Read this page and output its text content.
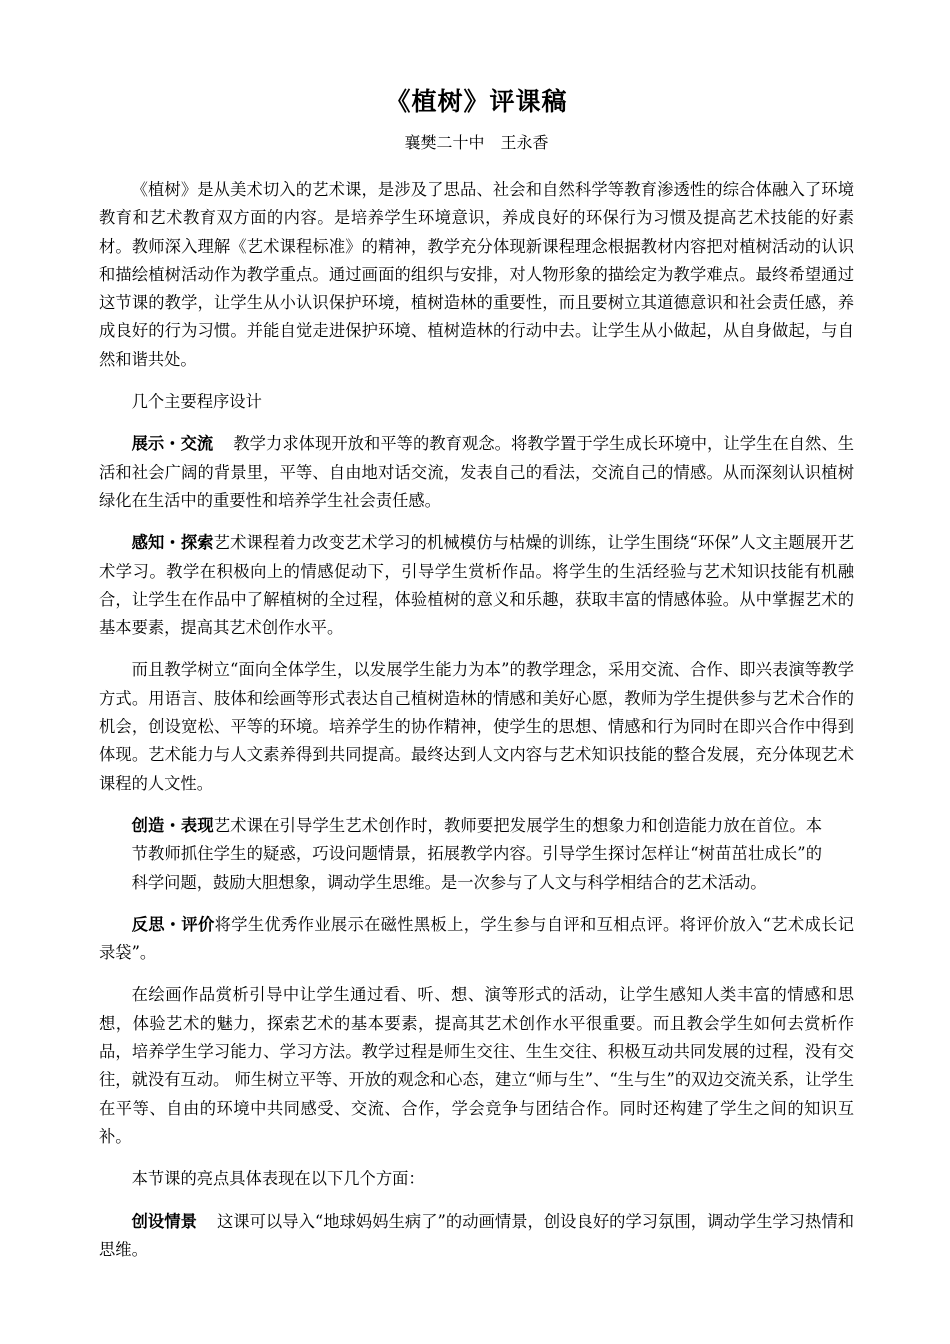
《植树》评课稿
襄樊二十中 王永香

《植树》是从美术切入的艺术课，是涉及了思品、社会和自然科学等教育渗透性的综合体融入了环境教育和艺术教育双方面的内容。是培养学生环境意识，养成良好的环保行为习惯及提高艺术技能的好素材。教师深入理解《艺术课程标准》的精神，教学充分体现新课程理念根据教材内容把对植树活动的认识和描绘植树活动作为教学重点。通过画面的组织与安排，对人物形象的描绘定为教学难点。最终希望通过这节课的教学，让学生从小认识保护环境，植树造林的重要性，而且要树立其道德意识和社会责任感，养成良好的行为习惯。并能自觉走进保护环境、植树造林的行动中去。让学生从小做起，从自身做起，与自然和谐共处。

几个主要程序设计

展示・交流 教学力求体现开放和平等的教育观念。将教学置于学生成长环境中，让学生在自然、生活和社会广阔的背景里，平等、自由地对话交流，发表自己的看法，交流自己的情感。从而深刻认识植树绿化在生活中的重要性和培养学生社会责任感。

感知・探索艺术课程着力改变艺术学习的机械模仿与枯燥的训练，让学生围绕“环保”人文主题展开艺术学习。教学在积极向上的情感促动下，引导学生赏析作品。将学生的生活经验与艺术知识技能有机融合，让学生在作品中了解植树的全过程，体验植树的意义和乐趣，获取丰富的情感体验。从中掌握艺术的基本要素，提高其艺术创作水平。

而且教学树立“面向全体学生，以发展学生能力为本”的教学理念，采用交流、合作、即兴表演等教学方式。用语言、肢体和绘画等形式表达自己植树造林的情感和美好心愿，教师为学生提供参与艺术合作的机会，创设宽松、平等的环境。培养学生的协作精神，使学生的思想、情感和行为同时在即兴合作中得到体现。艺术能力与人文素养得到共同提高。最终达到人文内容与艺术知识技能的整合发展，充分体现艺术课程的人文性。

创造・表现艺术课在引导学生艺术创作时，教师要把发展学生的想象力和创造能力放在首位。本节教师抓住学生的疑惑，巧设问题情景，拓展教学内容。引导学生探讨怎样让“树苗茁壮成长”的科学问题，鼓励大胆想象，调动学生思维。是一次参与了人文与科学相结合的艺术活动。

反思・评价将学生优秀作业展示在磁性黑板上，学生参与自评和互相点评。将评价放入“艺术成长记录袋”。

在绘画作品赏析引导中让学生通过看、听、想、演等形式的活动，让学生感知人类丰富的情感和思想，体验艺术的魅力，探索艺术的基本要素，提高其艺术创作水平很重要。而且教会学生如何去赏析作品，培养学生学习能力、学习方法。教学过程是师生交往、生生交往、积极互动共同发展的过程，没有交往，就没有互动。 师生树立平等、开放的观念和心态，建立“师与生”、“生与生”的双边交流关系，让学生在平等、自由的环境中共同感受、交流、合作，学会竞争与团结合作。同时还构建了学生之间的知识互补。

本节课的亮点具体表现在以下几个方面：

创设情景 这课可以导入“地球妈妈生病了”的动画情景，创设良好的学习氛围，调动学生学习热情和思维。
